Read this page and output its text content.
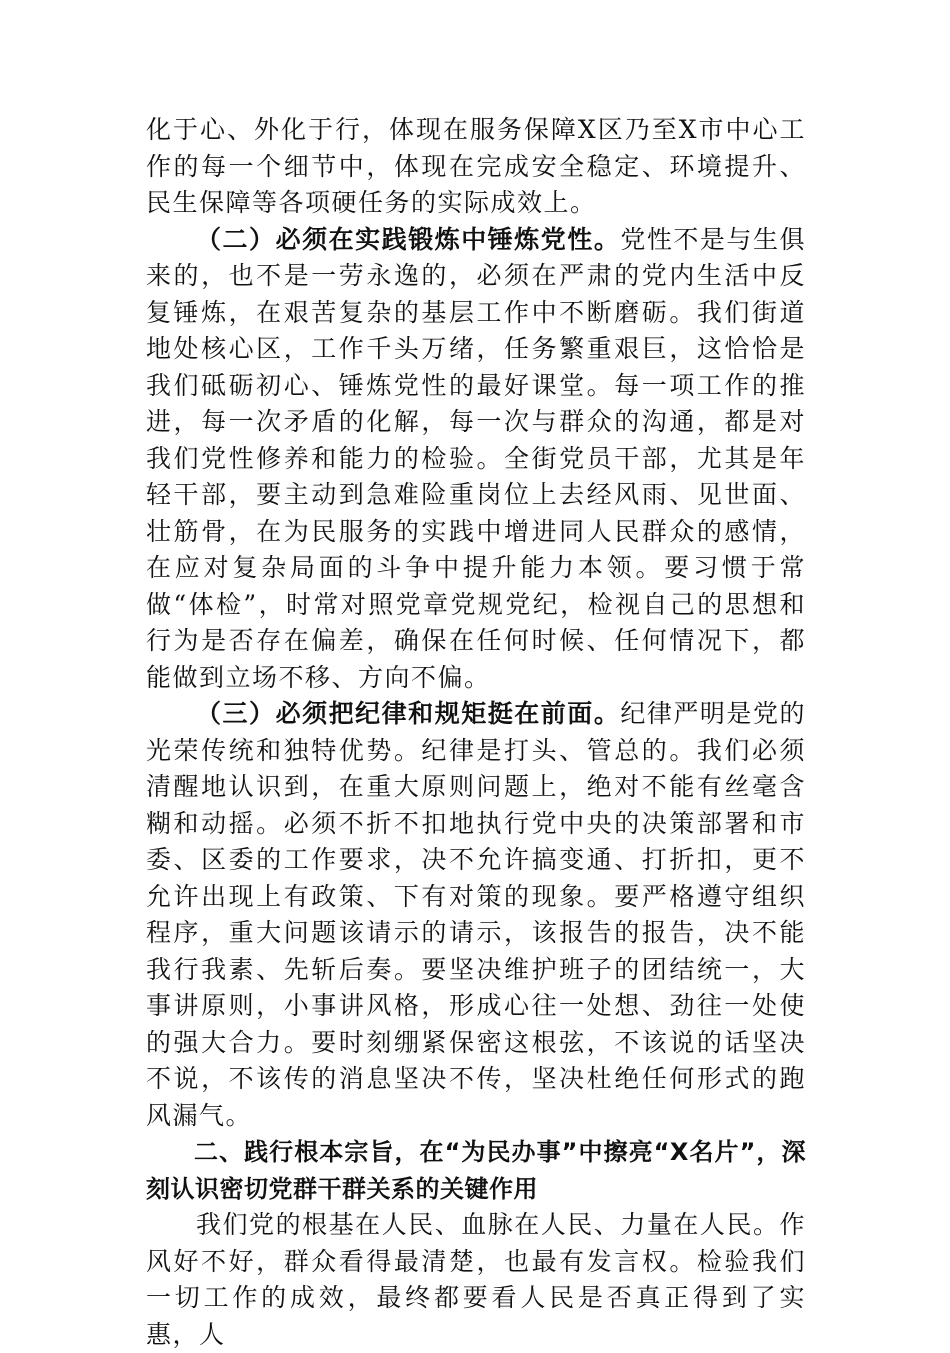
化于心、外化于行，体现在服务保障X区乃至X市中心工作的每一个细节中，体现在完成安全稳定、环境提升、民生保障等各项硬任务的实际成效上。

（二）必须在实践锻炼中锤炼党性。党性不是与生俱来的，也不是一劳永逸的，必须在严肃的党内生活中反复锤炼，在艰苦复杂的基层工作中不断磨砺。我们街道地处核心区，工作千头万绪，任务繁重艰巨，这恰恰是我们砥砺初心、锤炼党性的最好课堂。每一项工作的推进，每一次矛盾的化解，每一次与群众的沟通，都是对我们党性修养和能力的检验。全街党员干部，尤其是年轻干部，要主动到急难险重岗位上去经风雨、见世面、壮筋骨，在为民服务的实践中增进同人民群众的感情，在应对复杂局面的斗争中提升能力本领。要习惯于常做“体检”，时常对照党章党规党纪，检视自己的思想和行为是否存在偏差，确保在任何时候、任何情况下，都能做到立场不移、方向不偏。

（三）必须把纪律和规矩挺在前面。纪律严明是党的光荣传统和独特优势。纪律是打头、管总的。我们必须清醒地认识到，在重大原则问题上，绝对不能有丝毫含糊和动摇。必须不折不扣地执行党中央的决策部署和市委、区委的工作要求，决不允许搞变通、打折扣，更不允许出现上有政策、下有对策的现象。要严格遵守组织程序，重大问题该请示的请示，该报告的报告，决不能我行我素、先斩后奏。要坚决维护班子的团结统一，大事讲原则，小事讲风格，形成心往一处想、劲往一处使的强大合力。要时刻绷紧保密这根弦，不该说的话坚决不说，不该传的消息坚决不传，坚决杜绝任何形式的跑风漏气。

二、践行根本宗旨，在“为民办事”中擦亮“X名片”，深刻认识密切党群干群关系的关键作用

我们党的根基在人民、血脉在人民、力量在人民。作风好不好，群众看得最清楚，也最有发言权。检验我们一切工作的成效，最终都要看人民是否真正得到了实惠，人
